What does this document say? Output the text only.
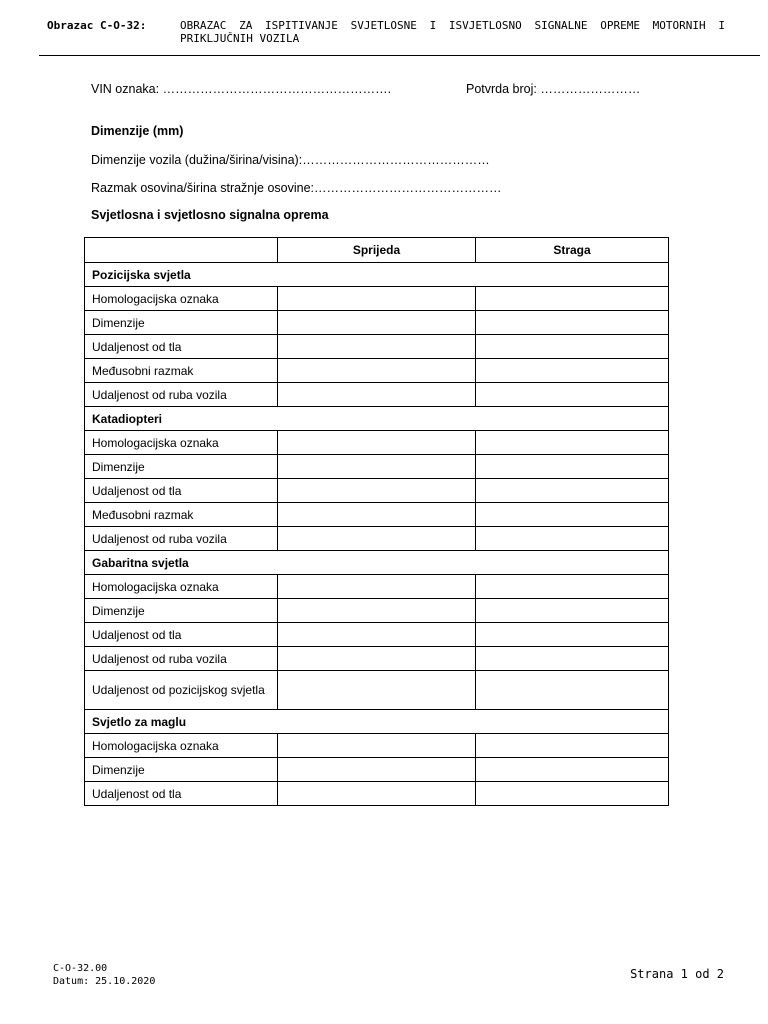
Obrazac C-O-32:	OBRAZAC ZA ISPITIVANJE SVJETLOSNE I ISVJETLOSNO SIGNALNE OPREME MOTORNIH I
PRIKLJUČNIH VOZILA
VIN oznaka: ……………………………………………….	Potvrda broj: ……………………
Dimenzije (mm)
Dimenzije vozila (dužina/širina/visina):………………………………………
Razmak osovina/širina stražnje osovine:………………………………………
Svjetlosna i svjetlosno signalna oprema
	Sprijeda	Straga
Pozicijska svjetla		
Homologacijska oznaka		
Dimenzije		
Udaljenost od tla		
Međusobni razmak		
Udaljenost od ruba vozila		
Katadiopteri		
Homologacijska oznaka		
Dimenzije		
Udaljenost od tla		
Međusobni razmak		
Udaljenost od ruba vozila		
Gabaritna svjetla		
Homologacijska oznaka		
Dimenzije		
Udaljenost od tla		
Udaljenost od ruba vozila		
Udaljenost od pozicijskog svjetla		
Svjetlo za maglu		
Homologacijska oznaka		
Dimenzije		
Udaljenost od tla		
C-O-32.00
Datum: 25.10.2020
Strana 1 od 2
